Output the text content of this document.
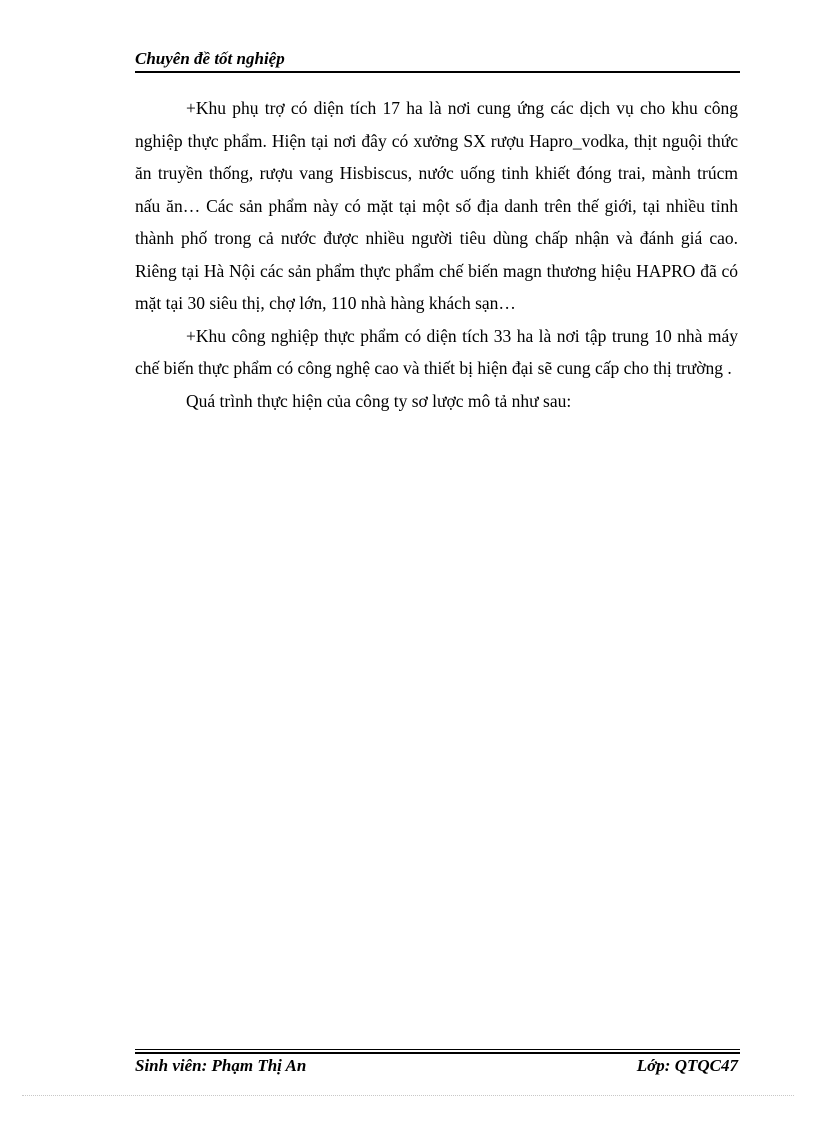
Chuyên đề tốt nghiệp

+Khu phụ trợ có diện tích 17 ha là nơi cung ứng các dịch vụ cho khu công nghiệp thực phẩm. Hiện tại nơi đây có xưởng SX rượu Hapro_vodka, thịt nguội thức ăn truyền thống, rượu vang Hisbiscus, nước uống tinh khiết đóng trai, mành trúcm nấu ăn… Các sản phẩm này có mặt tại một số địa danh trên thế giới, tại nhiều tỉnh thành phố trong cả nước được nhiều người tiêu dùng chấp nhận và đánh giá cao. Riêng tại Hà Nội các sản phẩm thực phẩm chế biến magn thương hiệu HAPRO đã có mặt tại 30 siêu thị, chợ lớn, 110 nhà hàng khách sạn…

+Khu công nghiệp thực phẩm có diện tích 33 ha là nơi tập trung 10 nhà máy chế biến thực phẩm có công nghệ cao và thiết bị hiện đại sẽ cung cấp cho thị trường .

Quá trình thực hiện của công ty sơ lược mô tả như sau:

Sinh viên: Phạm Thị An	Lớp: QTQC47
